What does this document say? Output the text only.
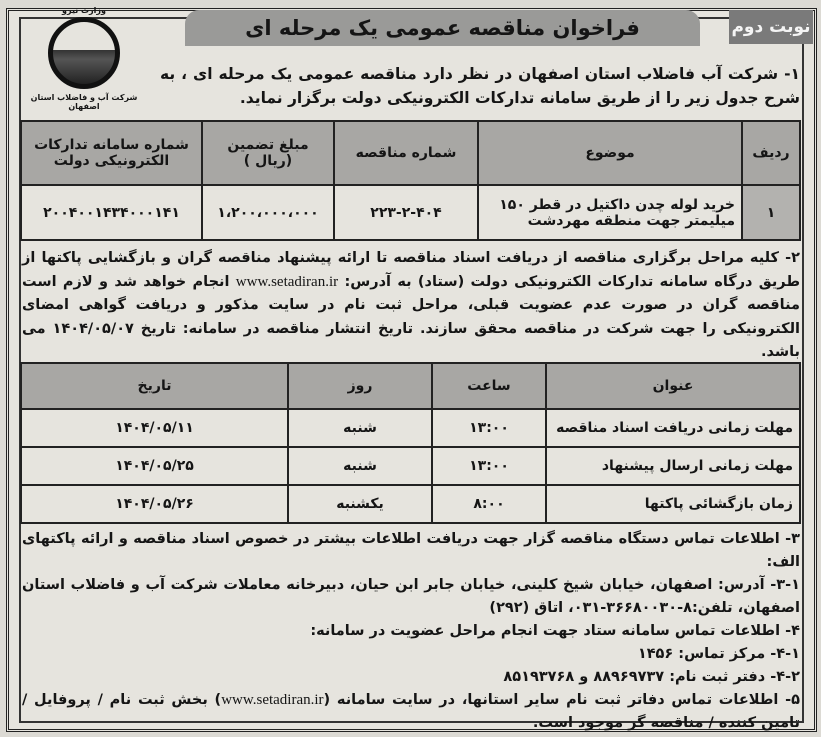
نوبت دوم
فراخوان مناقصه عمومی یک مرحله ای
وزارت نیرو
شرکت آب و فاضلاب استان اصفهان
۱- شرکت آب فاضلاب استان اصفهان در نظر دارد مناقصه عمومی یک مرحله ای ، به شرح جدول زیر را از طریق سامانه تدارکات الکترونیکی دولت برگزار نماید.
ردیف	موضوع	شماره مناقصه	مبلغ تضمین (ریال )	شماره سامانه تدارکات الکترونیکی دولت
۱	خرید لوله چدن داکتیل در قطر ۱۵۰ میلیمتر جهت منطقه مهردشت	۲۲۳-۲-۴۰۴	۱،۲۰۰،۰۰۰،۰۰۰	۲۰۰۴۰۰۱۴۳۴۰۰۰۱۴۱
۲- کلیه مراحل برگزاری مناقصه از دریافت اسناد مناقصه تا ارائه پیشنهاد مناقصه گران و بازگشایی پاکتها از طریق درگاه سامانه تدارکات الکترونیکی دولت (ستاد) به آدرس: www.setadiran.ir انجام خواهد شد و لازم است مناقصه گران در صورت عدم عضویت قبلی، مراحل ثبت نام در سایت مذکور و دریافت گواهی امضای الکترونیکی را جهت شرکت در مناقصه محقق سازند. تاریخ انتشار مناقصه در سامانه: تاریخ ۱۴۰۴/۰۵/۰۷ می باشد.
عنوان	ساعت	روز	تاریخ
مهلت زمانی دریافت اسناد مناقصه	۱۳:۰۰	شنبه	۱۴۰۴/۰۵/۱۱
مهلت زمانی ارسال پیشنهاد	۱۳:۰۰	شنبه	۱۴۰۴/۰۵/۲۵
زمان بازگشائی پاکتها	۸:۰۰	یکشنبه	۱۴۰۴/۰۵/۲۶
۳- اطلاعات تماس دستگاه مناقصه گزار جهت دریافت اطلاعات بیشتر در خصوص اسناد مناقصه و ارائه پاکتهای الف:
۳-۱- آدرس: اصفهان، خیابان شیخ کلینی، خیابان جابر ابن حیان، دبیرخانه معاملات شرکت آب و فاضلاب استان اصفهان، تلفن:۸-۳۶۶۸۰۰۳۰-۰۳۱، اتاق (۲۹۲)
۴- اطلاعات تماس سامانه ستاد جهت انجام مراحل عضویت در سامانه:
۴-۱- مرکز تماس: ۱۴۵۶
۴-۲- دفتر ثبت نام: ۸۸۹۶۹۷۳۷ و ۸۵۱۹۳۷۶۸
۵- اطلاعات تماس دفاتر ثبت نام سایر استانها، در سایت سامانه (www.setadiran.ir) بخش ثبت نام / پروفایل / تامین کننده / مناقصه گر موجود است.
